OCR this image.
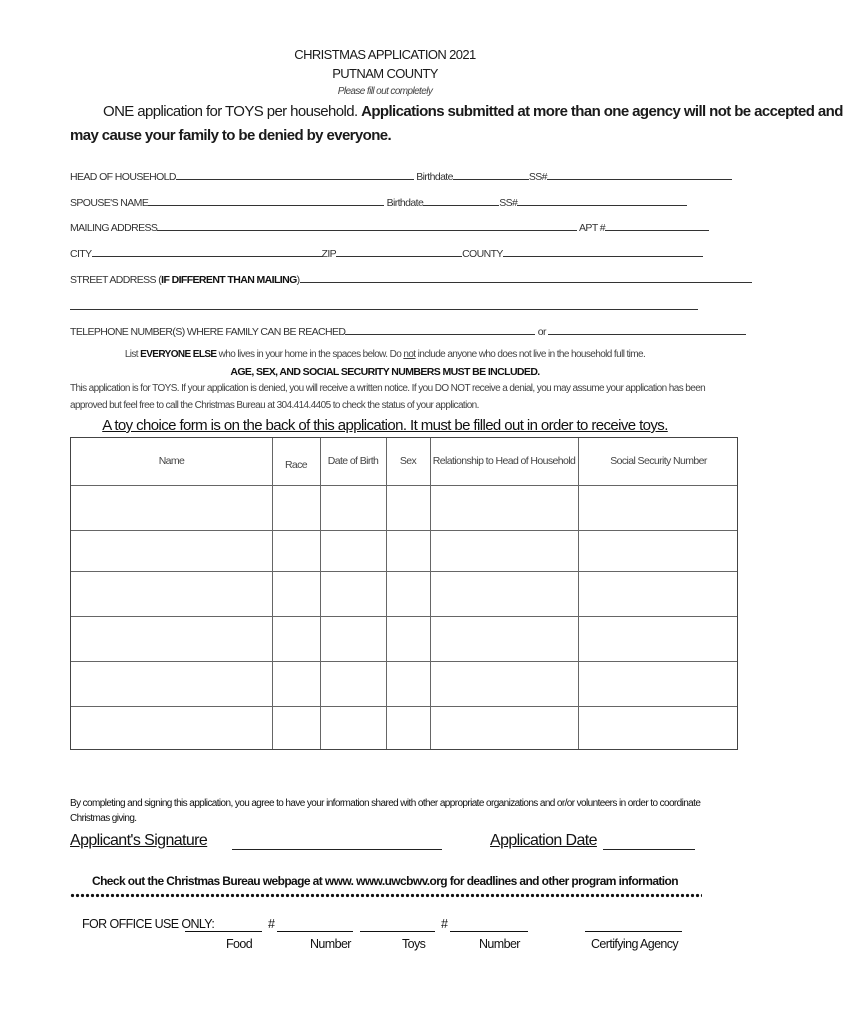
CHRISTMAS APPLICATION 2021
PUTNAM COUNTY
Please fill out completely
ONE application for TOYS per household. Applications submitted at more than one agency will not be accepted and
may cause your family to be denied by everyone.
HEAD OF HOUSEHOLD	Birthdate	SS#
SPOUSE'S NAME	Birthdate	SS#
MAILING ADDRESS	APT #
CITY	ZIP	COUNTY
STREET ADDRESS (IF DIFFERENT THAN MAILING)
TELEPHONE NUMBER(S) WHERE FAMILY CAN BE REACHED	or
List EVERYONE ELSE who lives in your home in the spaces below. Do not include anyone who does not live in the household full time.
AGE, SEX, AND SOCIAL SECURITY NUMBERS MUST BE INCLUDED.
This application is for TOYS. If your application is denied, you will receive a written notice. If you DO NOT receive a denial, you may assume your application has been
approved but feel free to call the Christmas Bureau at 304.414.4405 to check the status of your application.
A toy choice form is on the back of this application. It must be filled out in order to receive toys.
Name	Race	Date of Birth	Sex	Relationship to Head of Household	Social Security Number
By completing and signing this application, you agree to have your information shared with other appropriate organizations and or/or volunteers in order to coordinate
Christmas giving.
Applicant's Signature	Application Date
Check out the Christmas Bureau webpage at www. www.uwcbwv.org for deadlines and other program information
FOR OFFICE USE ONLY:	#	#
Food	Number	Toys	Number	Certifying Agency
